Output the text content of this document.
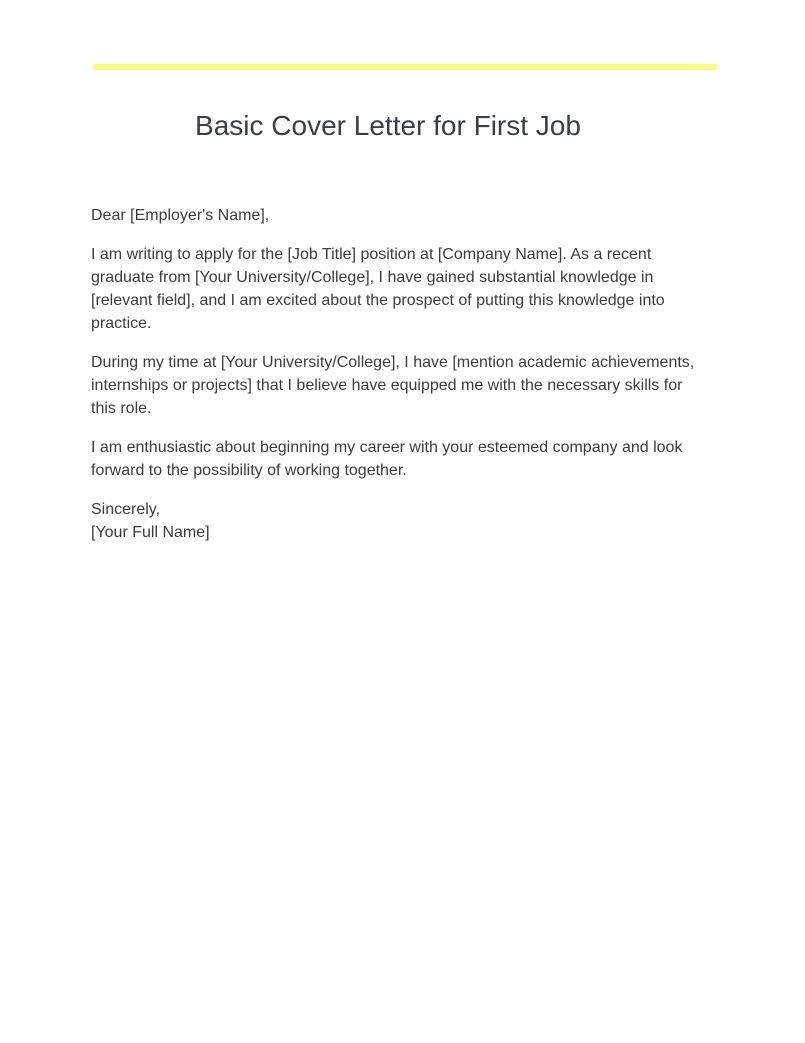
Basic Cover Letter for First Job

Dear [Employer's Name],

I am writing to apply for the [Job Title] position at [Company Name]. As a recent graduate from [Your University/College], I have gained substantial knowledge in [relevant field], and I am excited about the prospect of putting this knowledge into practice.

During my time at [Your University/College], I have [mention academic achievements, internships or projects] that I believe have equipped me with the necessary skills for this role.

I am enthusiastic about beginning my career with your esteemed company and look forward to the possibility of working together.

Sincerely,
[Your Full Name]
